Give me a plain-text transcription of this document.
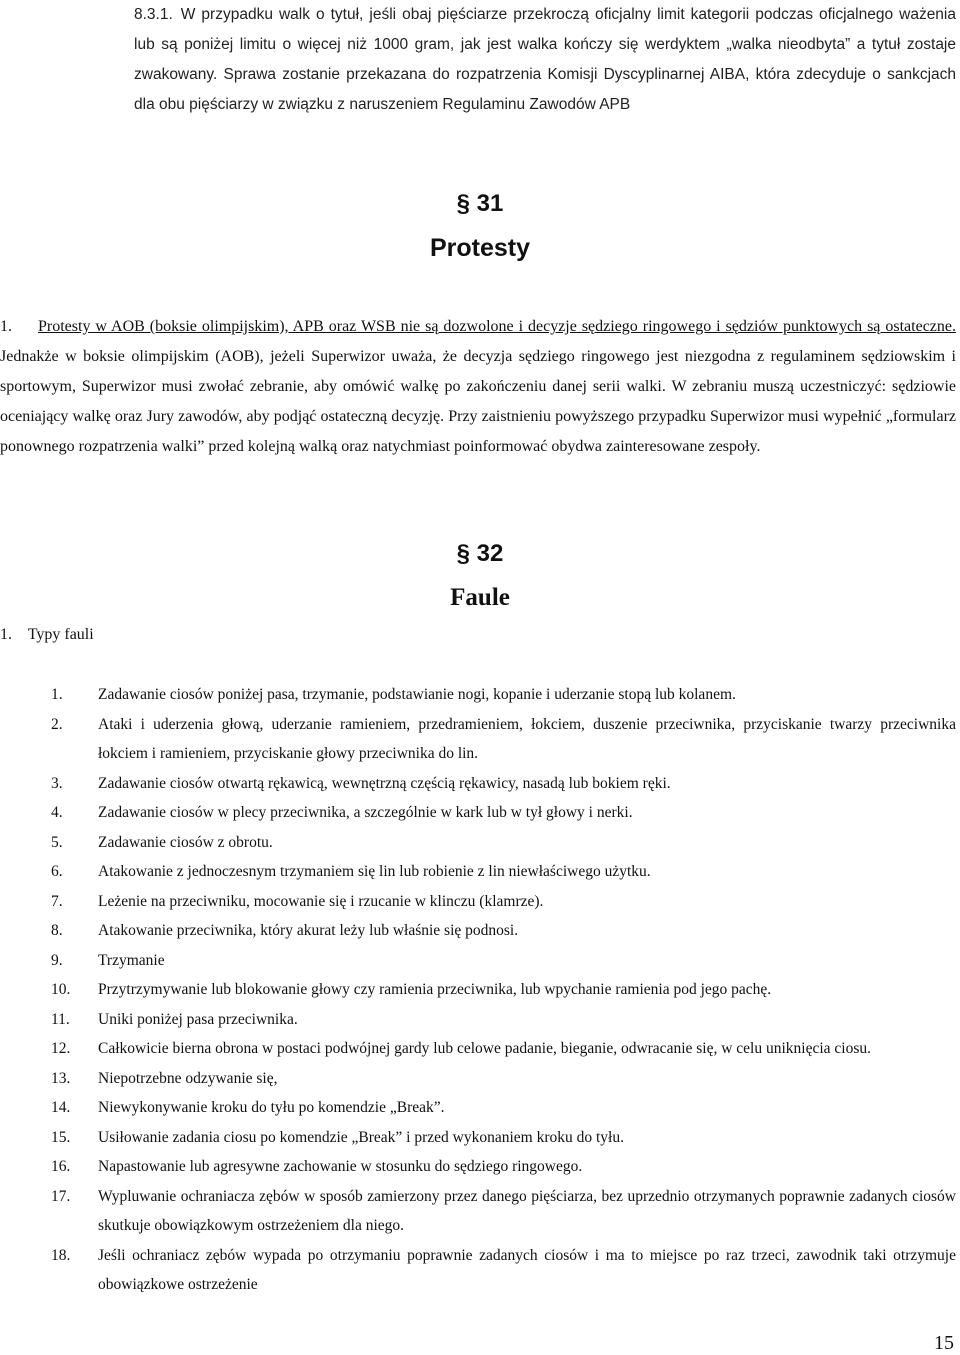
8.3.1. W przypadku walk o tytuł, jeśli obaj pięściarze przekroczą oficjalny limit kategorii podczas oficjalnego ważenia lub są poniżej limitu o więcej niż 1000 gram, jak jest walka kończy się werdyktem „walka nieodbyta” a tytuł zostaje zwakowany. Sprawa zostanie przekazana do rozpatrzenia Komisji Dyscyplinarnej AIBA, która zdecyduje o sankcjach dla obu pięściarzy w związku z naruszeniem Regulaminu Zawodów APB
§ 31
Protesty
1.	Protesty w AOB (boksie olimpijskim), APB oraz WSB nie są dozwolone i decyzje sędziego ringowego i sędziów punktowych są ostateczne. Jednakże w boksie olimpijskim (AOB), jeżeli Superwizor uważa, że decyzja sędziego ringowego jest niezgodna z regulaminem sędziowskim i sportowym, Superwizor musi zwołać zebranie, aby omówić walkę po zakończeniu danej serii walki. W zebraniu muszą uczestniczyć: sędziowie oceniający walkę oraz Jury zawodów, aby podjąć ostateczną decyzję. Przy zaistnieniu powyższego przypadku Superwizor musi wypełnić „formularz ponownego rozpatrzenia walki” przed kolejną walką oraz natychmiast poinformować obydwa zainteresowane zespoły.
§ 32
Faule
1.    Typy fauli
1. Zadawanie ciosów poniżej pasa, trzymanie, podstawianie nogi, kopanie i uderzanie stopą lub kolanem.
2. Ataki i uderzenia głową, uderzanie ramieniem, przedramieniem, łokciem, duszenie przeciwnika, przyciskanie twarzy przeciwnika łokciem i ramieniem, przyciskanie głowy przeciwnika do lin.
3. Zadawanie ciosów otwartą rękawicą, wewnętrzną częścią rękawicy, nasadą lub bokiem ręki.
4. Zadawanie ciosów w plecy przeciwnika, a szczególnie w kark lub w tył głowy i nerki.
5. Zadawanie ciosów z obrotu.
6. Atakowanie z jednoczesnym trzymaniem się lin lub robienie z lin niewłaściwego użytku.
7. Leżenie na przeciwniku, mocowanie się i rzucanie w klinczu (klamrze).
8. Atakowanie przeciwnika, który akurat leży lub właśnie się podnosi.
9. Trzymanie
10. Przytrzymywanie lub blokowanie głowy czy ramienia przeciwnika, lub wpychanie ramienia pod jego pachę.
11. Uniki poniżej pasa przeciwnika.
12. Całkowicie bierna obrona w postaci podwójnej gardy lub celowe padanie, bieganie, odwracanie się, w celu uniknięcia ciosu.
13. Niepotrzebne odzywanie się,
14. Niewykonywanie kroku do tyłu po komendzie „Break”.
15. Usiłowanie zadania ciosu po komendzie „Break” i przed wykonaniem kroku do tyłu.
16. Napastowanie lub agresywne zachowanie w stosunku do sędziego ringowego.
17. Wypluwanie ochraniacza zębów w sposób zamierzony przez danego pięściarza, bez uprzednio otrzymanych poprawnie zadanych ciosów skutkuje obowiązkowym ostrzeżeniem dla niego.
18. Jeśli ochraniacz zębów wypada po otrzymaniu poprawnie zadanych ciosów i ma to miejsce po raz trzeci, zawodnik taki otrzymuje obowiązkowe ostrzeżenie
15
